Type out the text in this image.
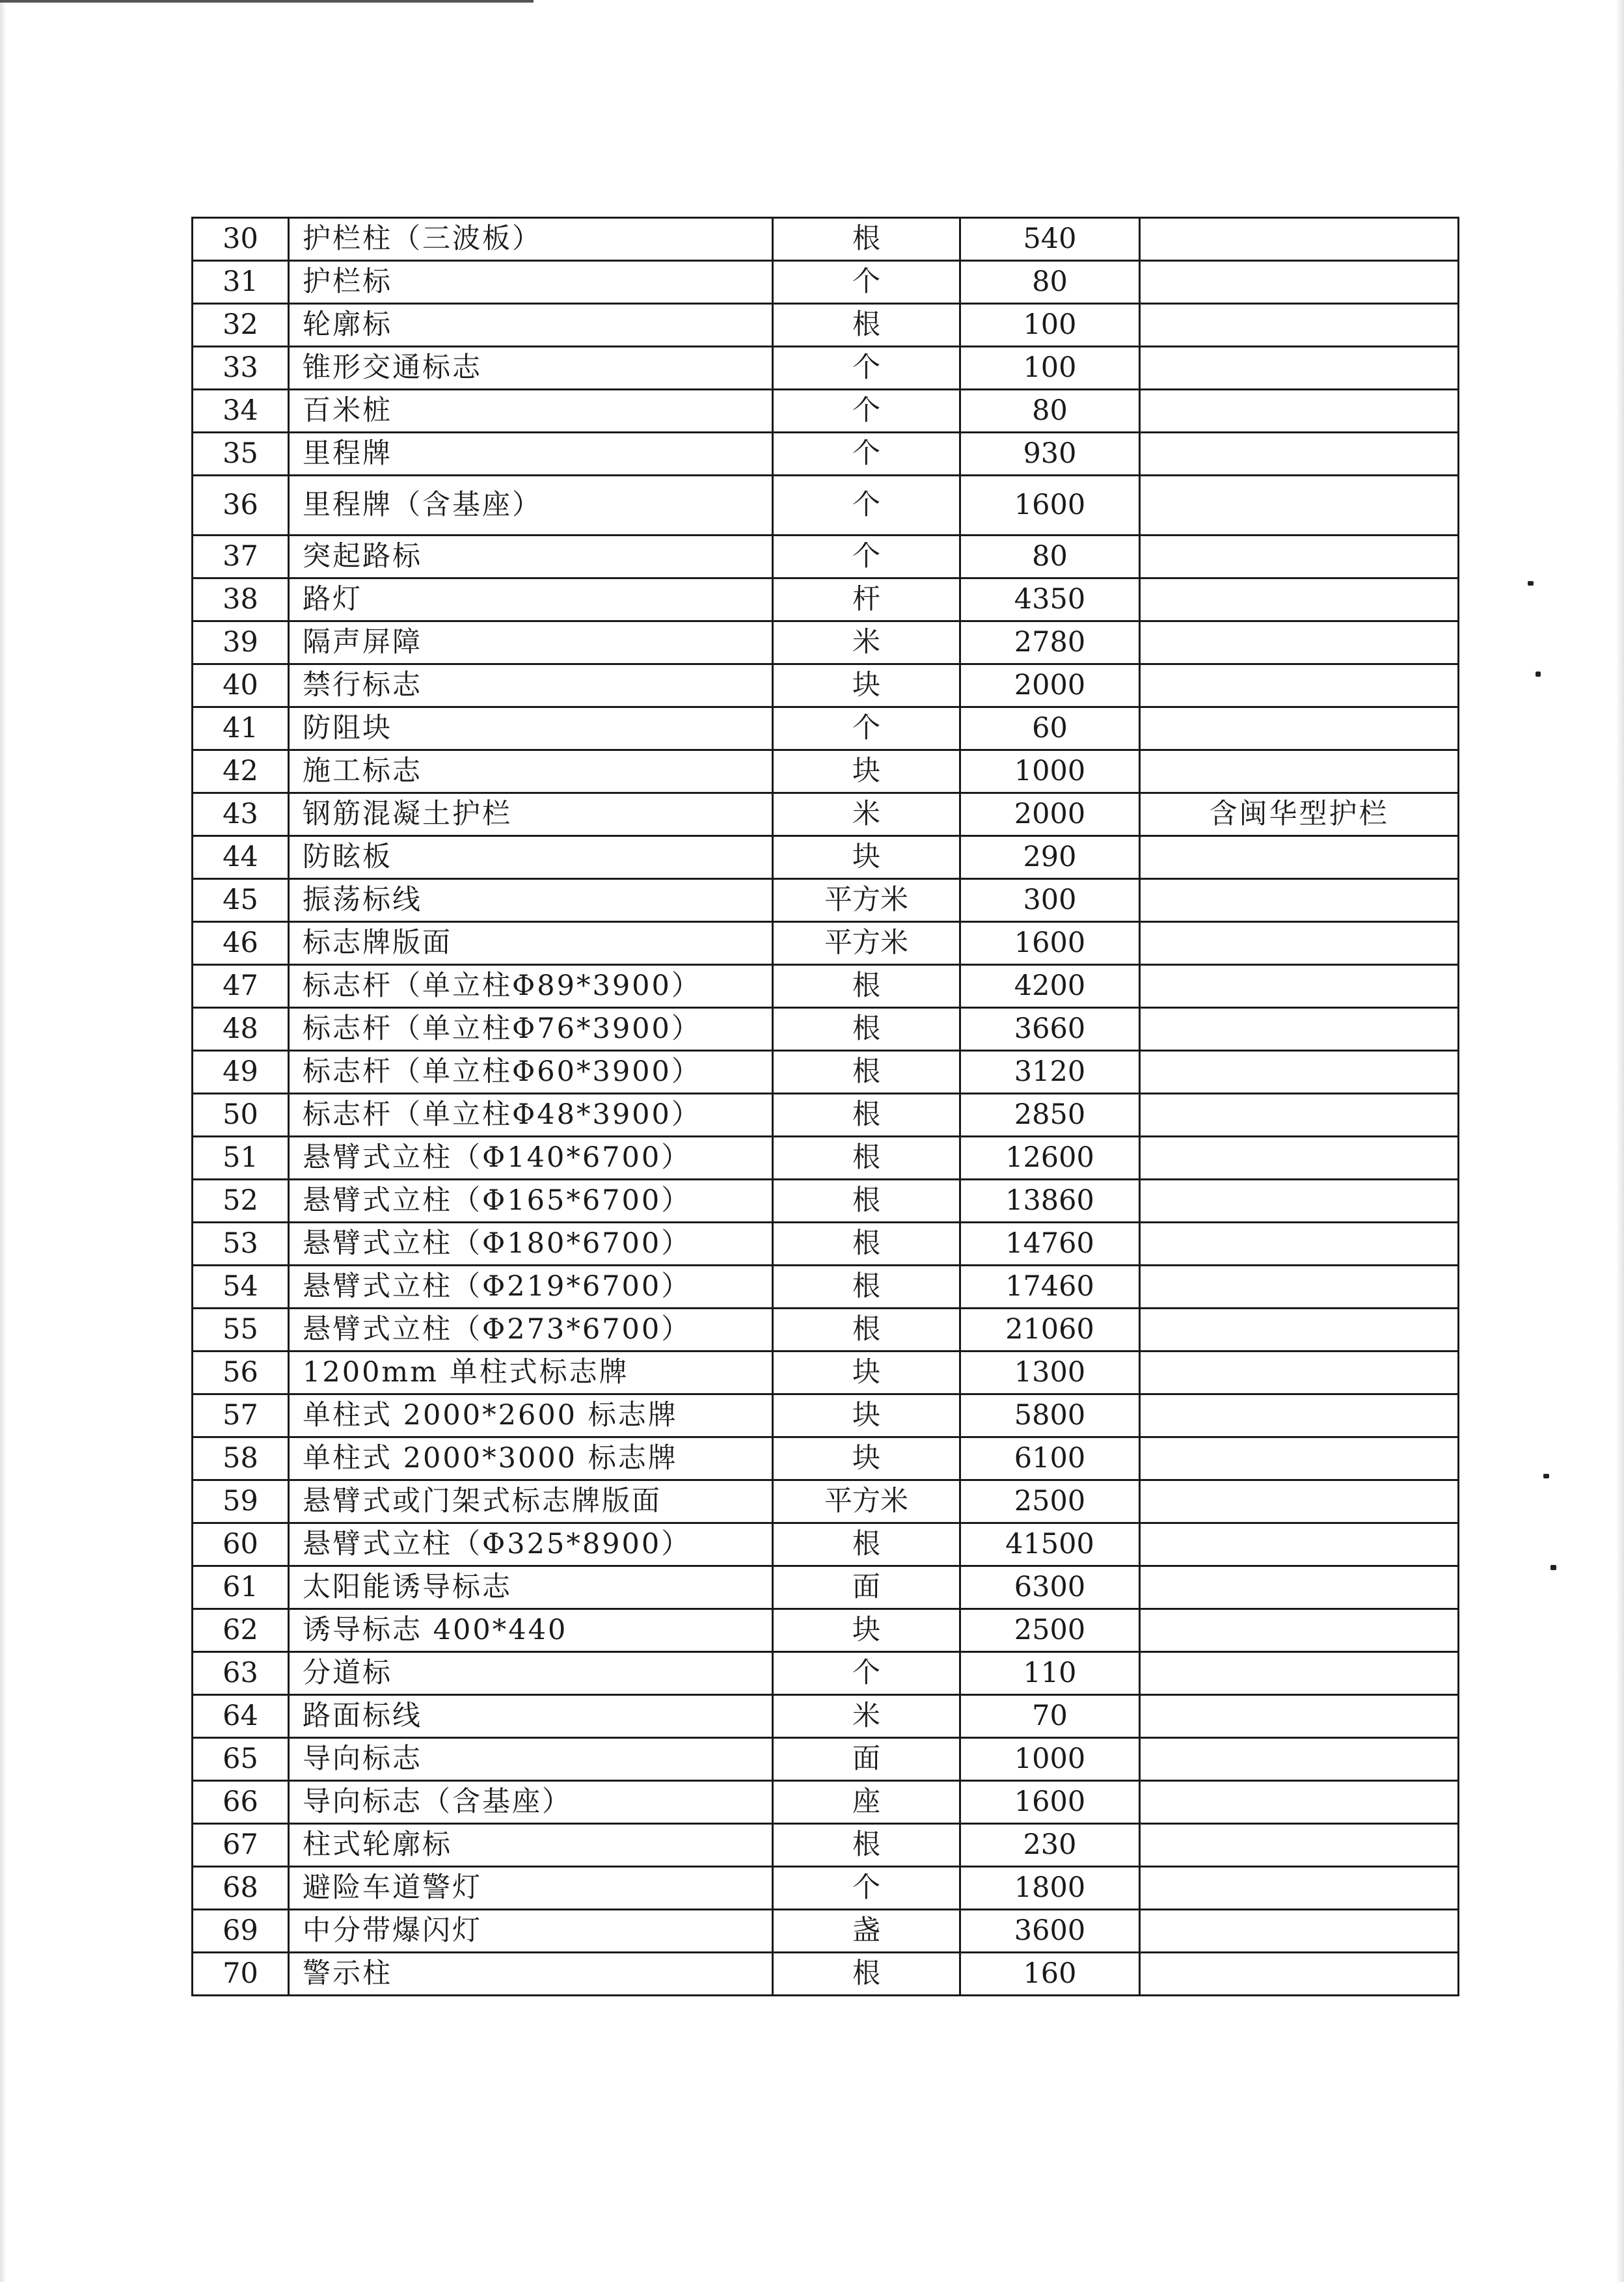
30	护栏柱（三波板）	根	540	
31	护栏标	个	80	
32	轮廓标	根	100	
33	锥形交通标志	个	100	
34	百米桩	个	80	
35	里程牌	个	930	
36	里程牌（含基座）	个	1600	
37	突起路标	个	80	
38	路灯	杆	4350	
39	隔声屏障	米	2780	
40	禁行标志	块	2000	
41	防阻块	个	60	
42	施工标志	块	1000	
43	钢筋混凝土护栏	米	2000	含闽华型护栏
44	防眩板	块	290	
45	振荡标线	平方米	300	
46	标志牌版面	平方米	1600	
47	标志杆（单立柱Φ89*3900）	根	4200	
48	标志杆（单立柱Φ76*3900）	根	3660	
49	标志杆（单立柱Φ60*3900）	根	3120	
50	标志杆（单立柱Φ48*3900）	根	2850	
51	悬臂式立柱（Φ140*6700）	根	12600	
52	悬臂式立柱（Φ165*6700）	根	13860	
53	悬臂式立柱（Φ180*6700）	根	14760	
54	悬臂式立柱（Φ219*6700）	根	17460	
55	悬臂式立柱（Φ273*6700）	根	21060	
56	1200mm 单柱式标志牌	块	1300	
57	单柱式 2000*2600 标志牌	块	5800	
58	单柱式 2000*3000 标志牌	块	6100	
59	悬臂式或门架式标志牌版面	平方米	2500	
60	悬臂式立柱（Φ325*8900）	根	41500	
61	太阳能诱导标志	面	6300	
62	诱导标志 400*440	块	2500	
63	分道标	个	110	
64	路面标线	米	70	
65	导向标志	面	1000	
66	导向标志（含基座）	座	1600	
67	柱式轮廓标	根	230	
68	避险车道警灯	个	1800	
69	中分带爆闪灯	盏	3600	
70	警示柱	根	160	
